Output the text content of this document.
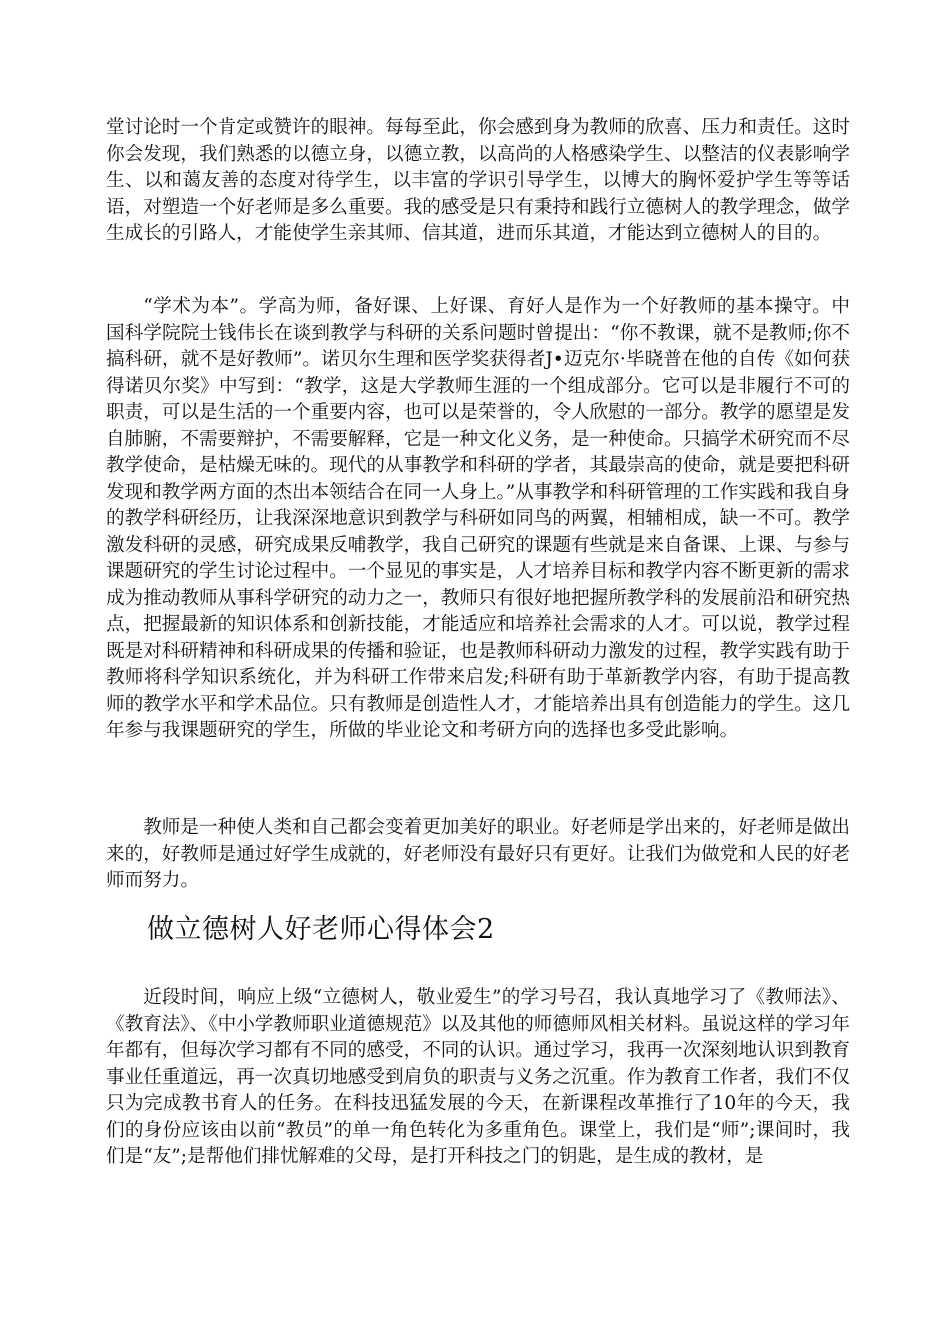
堂讨论时一个肯定或赞许的眼神。每每至此，你会感到身为教师的欣喜、压力和责任。这时你会发现，我们熟悉的以德立身，以德立教，以高尚的人格感染学生、以整洁的仪表影响学生、以和蔼友善的态度对待学生，以丰富的学识引导学生，以博大的胸怀爱护学生等等话语，对塑造一个好老师是多么重要。我的感受是只有秉持和践行立德树人的教学理念，做学生成长的引路人，才能使学生亲其师、信其道，进而乐其道，才能达到立德树人的目的。

“学术为本”。学高为师，备好课、上好课、育好人是作为一个好教师的基本操守。中国科学院院士钱伟长在谈到教学与科研的关系问题时曾提出：“你不教课，就不是教师;你不搞科研，就不是好教师”。诺贝尔生理和医学奖获得者J•迈克尔·毕晓普在他的自传《如何获得诺贝尔奖》中写到：“教学，这是大学教师生涯的一个组成部分。它可以是非履行不可的职责，可以是生活的一个重要内容，也可以是荣誉的，令人欣慰的一部分。教学的愿望是发自肺腑，不需要辩护，不需要解释，它是一种文化义务，是一种使命。只搞学术研究而不尽教学使命，是枯燥无味的。现代的从事教学和科研的学者，其最崇高的使命，就是要把科研发现和教学两方面的杰出本领结合在同一人身上。”从事教学和科研管理的工作实践和我自身的教学科研经历，让我深深地意识到教学与科研如同鸟的两翼，相辅相成，缺一不可。教学激发科研的灵感，研究成果反哺教学，我自己研究的课题有些就是来自备课、上课、与参与课题研究的学生讨论过程中。一个显见的事实是，人才培养目标和教学内容不断更新的需求成为推动教师从事科学研究的动力之一，教师只有很好地把握所教学科的发展前沿和研究热点，把握最新的知识体系和创新技能，才能适应和培养社会需求的人才。可以说，教学过程既是对科研精神和科研成果的传播和验证，也是教师科研动力激发的过程，教学实践有助于教师将科学知识系统化，并为科研工作带来启发;科研有助于革新教学内容，有助于提高教师的教学水平和学术品位。只有教师是创造性人才，才能培养出具有创造能力的学生。这几年参与我课题研究的学生，所做的毕业论文和考研方向的选择也多受此影响。

教师是一种使人类和自己都会变着更加美好的职业。好老师是学出来的，好老师是做出来的，好教师是通过好学生成就的，好老师没有最好只有更好。让我们为做党和人民的好老师而努力。

做立德树人好老师心得体会2

近段时间，响应上级“立德树人，敬业爱生”的学习号召，我认真地学习了《教师法》、《教育法》、《中小学教师职业道德规范》以及其他的师德师风相关材料。虽说这样的学习年年都有，但每次学习都有不同的感受，不同的认识。通过学习，我再一次深刻地认识到教育事业任重道远，再一次真切地感受到肩负的职责与义务之沉重。作为教育工作者，我们不仅只为完成教书育人的任务。在科技迅猛发展的今天，在新课程改革推行了10年的今天，我们的身份应该由以前“教员”的单一角色转化为多重角色。课堂上，我们是“师”;课间时，我们是“友”;是帮他们排忧解难的父母，是打开科技之门的钥匙，是生成的教材，是
